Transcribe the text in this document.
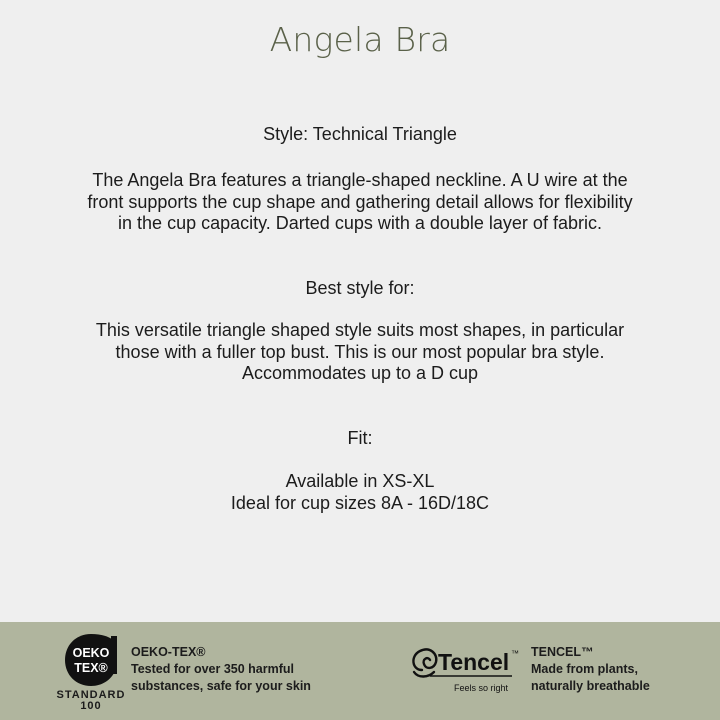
Angela Bra

Style: Technical Triangle

The Angela Bra features a triangle-shaped neckline. A U wire at the

front supports the cup shape and gathering detail allows for flexibility

in the cup capacity. Darted cups with a double layer of fabric.

Best style for:

This versatile triangle shaped style suits most shapes, in particular

those with a fuller top bust. This is our most popular bra style.

Accommodates up to a D cup

Fit:

Available in XS-XL

Ideal for cup sizes 8A - 16D/18C

OEKO
TEX®
STANDARD
100
OEKO-TEX®
Tested for over 350 harmful
substances, safe for your skin
Tencel ™
Feels so right
TENCEL™
Made from plants,
naturally breathable
